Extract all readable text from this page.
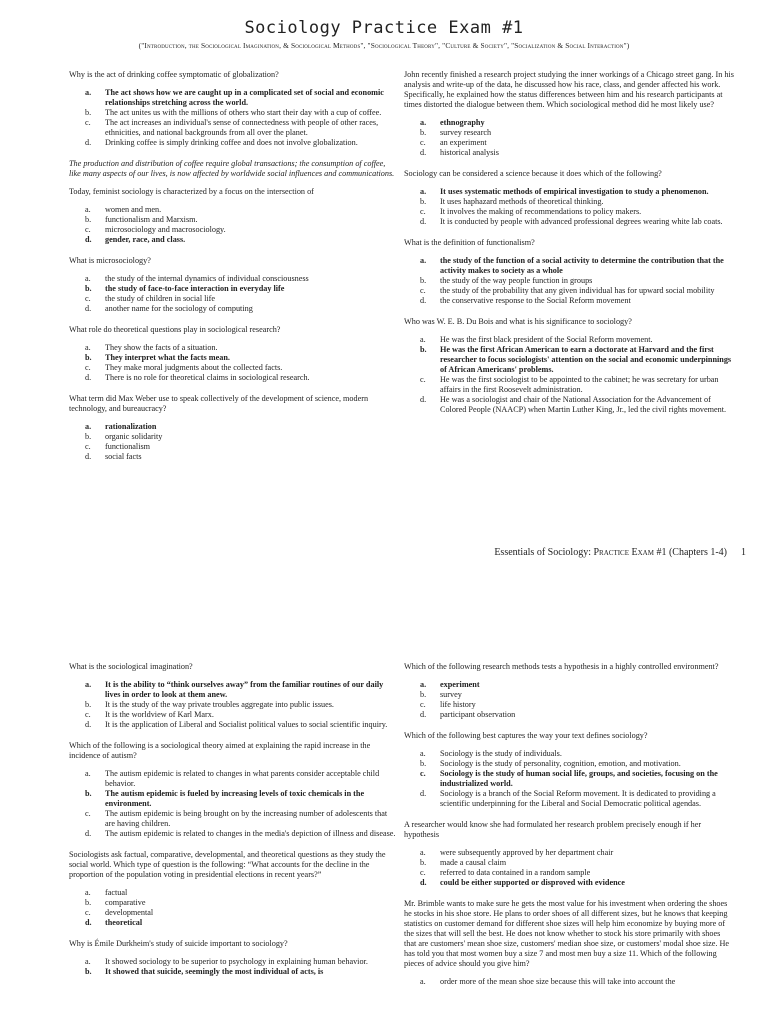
Sociology Practice Exam #1
("Introduction, the Sociological Imagination, & Sociological Methods", "Sociological Theory", "Culture & Society", "Socialization & Social Interaction")
Why is the act of drinking coffee symptomatic of globalization?
a. The act shows how we are caught up in a complicated set of social and economic relationships stretching across the world.
b. The act unites us with the millions of others who start their day with a cup of coffee.
c. The act increases an individual's sense of connectedness with people of other races, ethnicities, and national backgrounds from all over the planet.
d. Drinking coffee is simply drinking coffee and does not involve globalization.
The production and distribution of coffee require global transactions; the consumption of coffee, like many aspects of our lives, is now affected by worldwide social influences and communications.
Today, feminist sociology is characterized by a focus on the intersection of
a. women and men.
b. functionalism and Marxism.
c. microsociology and macrosociology.
d. gender, race, and class.
What is microsociology?
a. the study of the internal dynamics of individual consciousness
b. the study of face-to-face interaction in everyday life
c. the study of children in social life
d. another name for the sociology of computing
What role do theoretical questions play in sociological research?
a. They show the facts of a situation.
b. They interpret what the facts mean.
c. They make moral judgments about the collected facts.
d. There is no role for theoretical claims in sociological research.
What term did Max Weber use to speak collectively of the development of science, modern technology, and bureaucracy?
a. rationalization
b. organic solidarity
c. functionalism
d. social facts
John recently finished a research project studying the inner workings of a Chicago street gang. In his analysis and write-up of the data, he discussed how his race, class, and gender affected his work. Specifically, he explained how the status differences between him and his research participants at times distorted the dialogue between them. Which sociological method did he most likely use?
a. ethnography
b. survey research
c. an experiment
d. historical analysis
Sociology can be considered a science because it does which of the following?
a. It uses systematic methods of empirical investigation to study a phenomenon.
b. It uses haphazard methods of theoretical thinking.
c. It involves the making of recommendations to policy makers.
d. It is conducted by people with advanced professional degrees wearing white lab coats.
What is the definition of functionalism?
a. the study of the function of a social activity to determine the contribution that the activity makes to society as a whole
b. the study of the way people function in groups
c. the study of the probability that any given individual has for upward social mobility
d. the conservative response to the Social Reform movement
Who was W. E. B. Du Bois and what is his significance to sociology?
a. He was the first black president of the Social Reform movement.
b. He was the first African American to earn a doctorate at Harvard and the first researcher to focus sociologists' attention on the social and economic underpinnings of African Americans' problems.
c. He was the first sociologist to be appointed to the cabinet; he was secretary for urban affairs in the first Roosevelt administration.
d. He was a sociologist and chair of the National Association for the Advancement of Colored People (NAACP) when Martin Luther King, Jr., led the civil rights movement.
Essentials of Sociology: Practice Exam #1 (Chapters 1-4) 1
What is the sociological imagination?
a. It is the ability to “think ourselves away” from the familiar routines of our daily lives in order to look at them anew.
b. It is the study of the way private troubles aggregate into public issues.
c. It is the worldview of Karl Marx.
d. It is the application of Liberal and Socialist political values to social scientific inquiry.
Which of the following is a sociological theory aimed at explaining the rapid increase in the incidence of autism?
a. The autism epidemic is related to changes in what parents consider acceptable child behavior.
b. The autism epidemic is fueled by increasing levels of toxic chemicals in the environment.
c. The autism epidemic is being brought on by the increasing number of adolescents that are having children.
d. The autism epidemic is related to changes in the media's depiction of illness and disease.
Sociologists ask factual, comparative, developmental, and theoretical questions as they study the social world. Which type of question is the following: “What accounts for the decline in the proportion of the population voting in presidential elections in recent years?”
a. factual
b. comparative
c. developmental
d. theoretical
Why is Émile Durkheim's study of suicide important to sociology?
a. It showed sociology to be superior to psychology in explaining human behavior.
b. It showed that suicide, seemingly the most individual of acts, is
Which of the following research methods tests a hypothesis in a highly controlled environment?
a. experiment
b. survey
c. life history
d. participant observation
Which of the following best captures the way your text defines sociology?
a. Sociology is the study of individuals.
b. Sociology is the study of personality, cognition, emotion, and motivation.
c. Sociology is the study of human social life, groups, and societies, focusing on the industrialized world.
d. Sociology is a branch of the Social Reform movement. It is dedicated to providing a scientific underpinning for the Liberal and Social Democratic political agendas.
A researcher would know she had formulated her research problem precisely enough if her hypothesis
a. were subsequently approved by her department chair
b. made a causal claim
c. referred to data contained in a random sample
d. could be either supported or disproved with evidence
Mr. Brimble wants to make sure he gets the most value for his investment when ordering the shoes he stocks in his shoe store. He plans to order shoes of all different sizes, but he knows that keeping statistics on customer demand for different shoe sizes will help him economize by buying more of the sizes that will sell the best. He does not know whether to stock his store primarily with shoes that are customers' mean shoe size, customers' median shoe size, or customers' modal shoe size. He has told you that most women buy a size 7 and most men buy a size 11. Which of the following pieces of advice should you give him?
a. order more of the mean shoe size because this will take into account the
